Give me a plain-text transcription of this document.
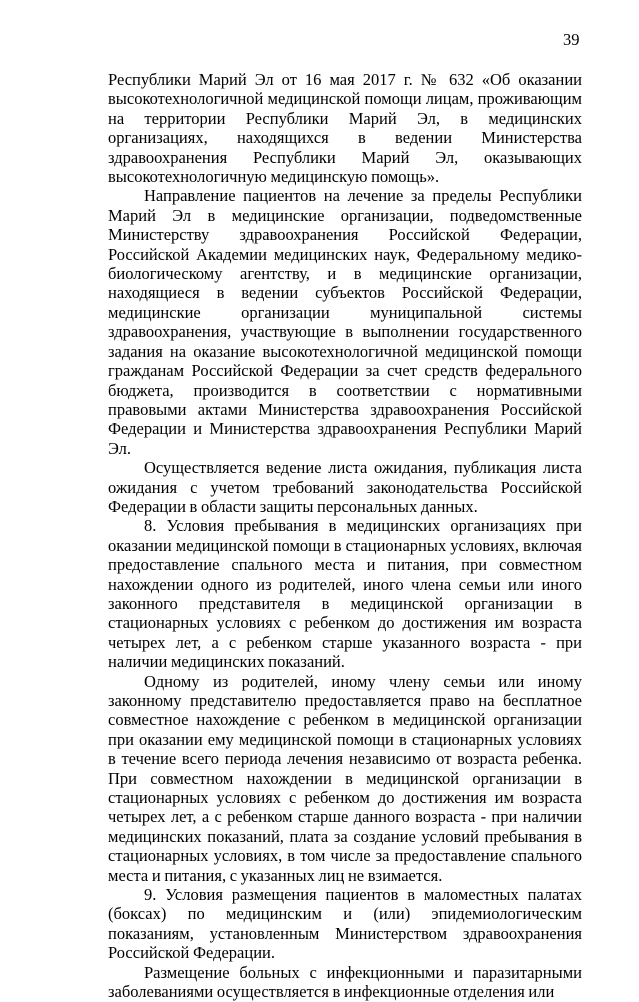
39

Республики Марий Эл от 16 мая 2017 г. № 632 «Об оказании высокотехнологичной медицинской помощи лицам, проживающим на территории Республики Марий Эл, в медицинских организациях, находящихся в ведении Министерства здравоохранения Республики Марий Эл, оказывающих высокотехнологичную медицинскую помощь».

Направление пациентов на лечение за пределы Республики Марий Эл в медицинские организации, подведомственные Министерству здравоохранения Российской Федерации, Российской Академии медицинских наук, Федеральному медико-биологическому агентству, и в медицинские организации, находящиеся в ведении субъектов Российской Федерации, медицинские организации муниципальной системы здравоохранения, участвующие в выполнении государственного задания на оказание высокотехнологичной медицинской помощи гражданам Российской Федерации за счет средств федерального бюджета, производится в соответствии с нормативными правовыми актами Министерства здравоохранения Российской Федерации и Министерства здравоохранения Республики Марий Эл.

Осуществляется ведение листа ожидания, публикация листа ожидания с учетом требований законодательства Российской Федерации в области защиты персональных данных.

8. Условия пребывания в медицинских организациях при оказании медицинской помощи в стационарных условиях, включая предоставление спального места и питания, при совместном нахождении одного из родителей, иного члена семьи или иного законного представителя в медицинской организации в стационарных условиях с ребенком до достижения им возраста четырех лет, а с ребенком старше указанного возраста - при наличии медицинских показаний.

Одному из родителей, иному члену семьи или иному законному представителю предоставляется право на бесплатное совместное нахождение с ребенком в медицинской организации при оказании ему медицинской помощи в стационарных условиях в течение всего периода лечения независимо от возраста ребенка. При совместном нахождении в медицинской организации в стационарных условиях с ребенком до достижения им возраста четырех лет, а с ребенком старше данного возраста - при наличии медицинских показаний, плата за создание условий пребывания в стационарных условиях, в том числе за предоставление спального места и питания, с указанных лиц не взимается.

9. Условия размещения пациентов в маломестных палатах (боксах) по медицинским и (или) эпидемиологическим показаниям, установленным Министерством здравоохранения Российской Федерации.

Размещение больных с инфекционными и паразитарными заболеваниями осуществляется в инфекционные отделения или
